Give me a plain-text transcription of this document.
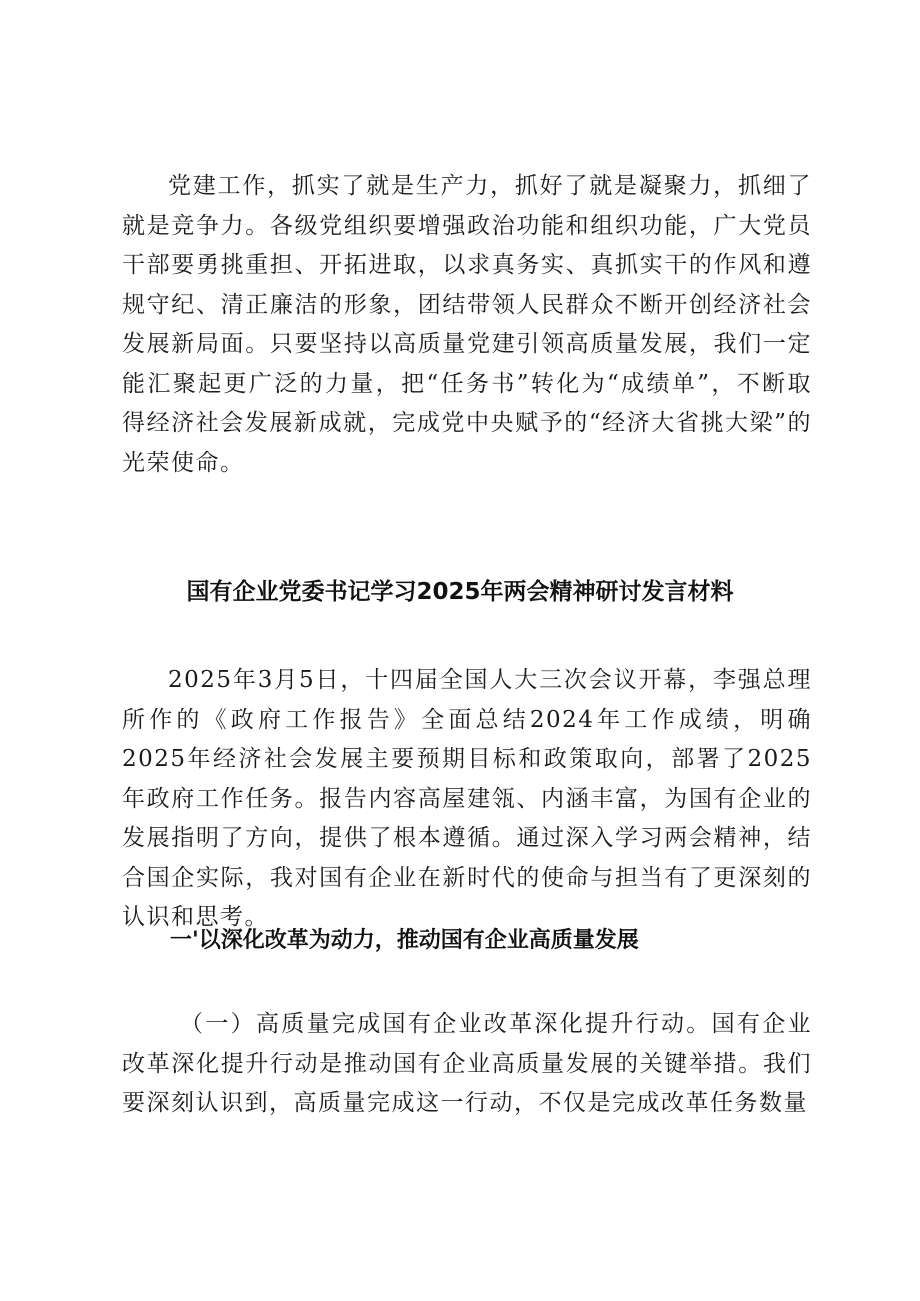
党建工作，抓实了就是生产力，抓好了就是凝聚力，抓细了就是竞争力。各级党组织要增强政治功能和组织功能，广大党员干部要勇挑重担、开拓进取，以求真务实、真抓实干的作风和遵规守纪、清正廉洁的形象，团结带领人民群众不断开创经济社会发展新局面。只要坚持以高质量党建引领高质量发展，我们一定能汇聚起更广泛的力量，把“任务书”转化为“成绩单”，不断取得经济社会发展新成就，完成党中央赋予的“经济大省挑大梁”的光荣使命。

国有企业党委书记学习2025年两会精神研讨发言材料

2025年3月5日，十四届全国人大三次会议开幕，李强总理所作的《政府工作报告》全面总结2024年工作成绩，明确2025年经济社会发展主要预期目标和政策取向，部署了2025年政府工作任务。报告内容高屋建瓴、内涵丰富，为国有企业的发展指明了方向，提供了根本遵循。通过深入学习两会精神，结合国企实际，我对国有企业在新时代的使命与担当有了更深刻的认识和思考。

一'以深化改革为动力，推动国有企业高质量发展

（一）高质量完成国有企业改革深化提升行动。国有企业改革深化提升行动是推动国有企业高质量发展的关键举措。我们要深刻认识到，高质量完成这一行动，不仅是完成改革任务数量
